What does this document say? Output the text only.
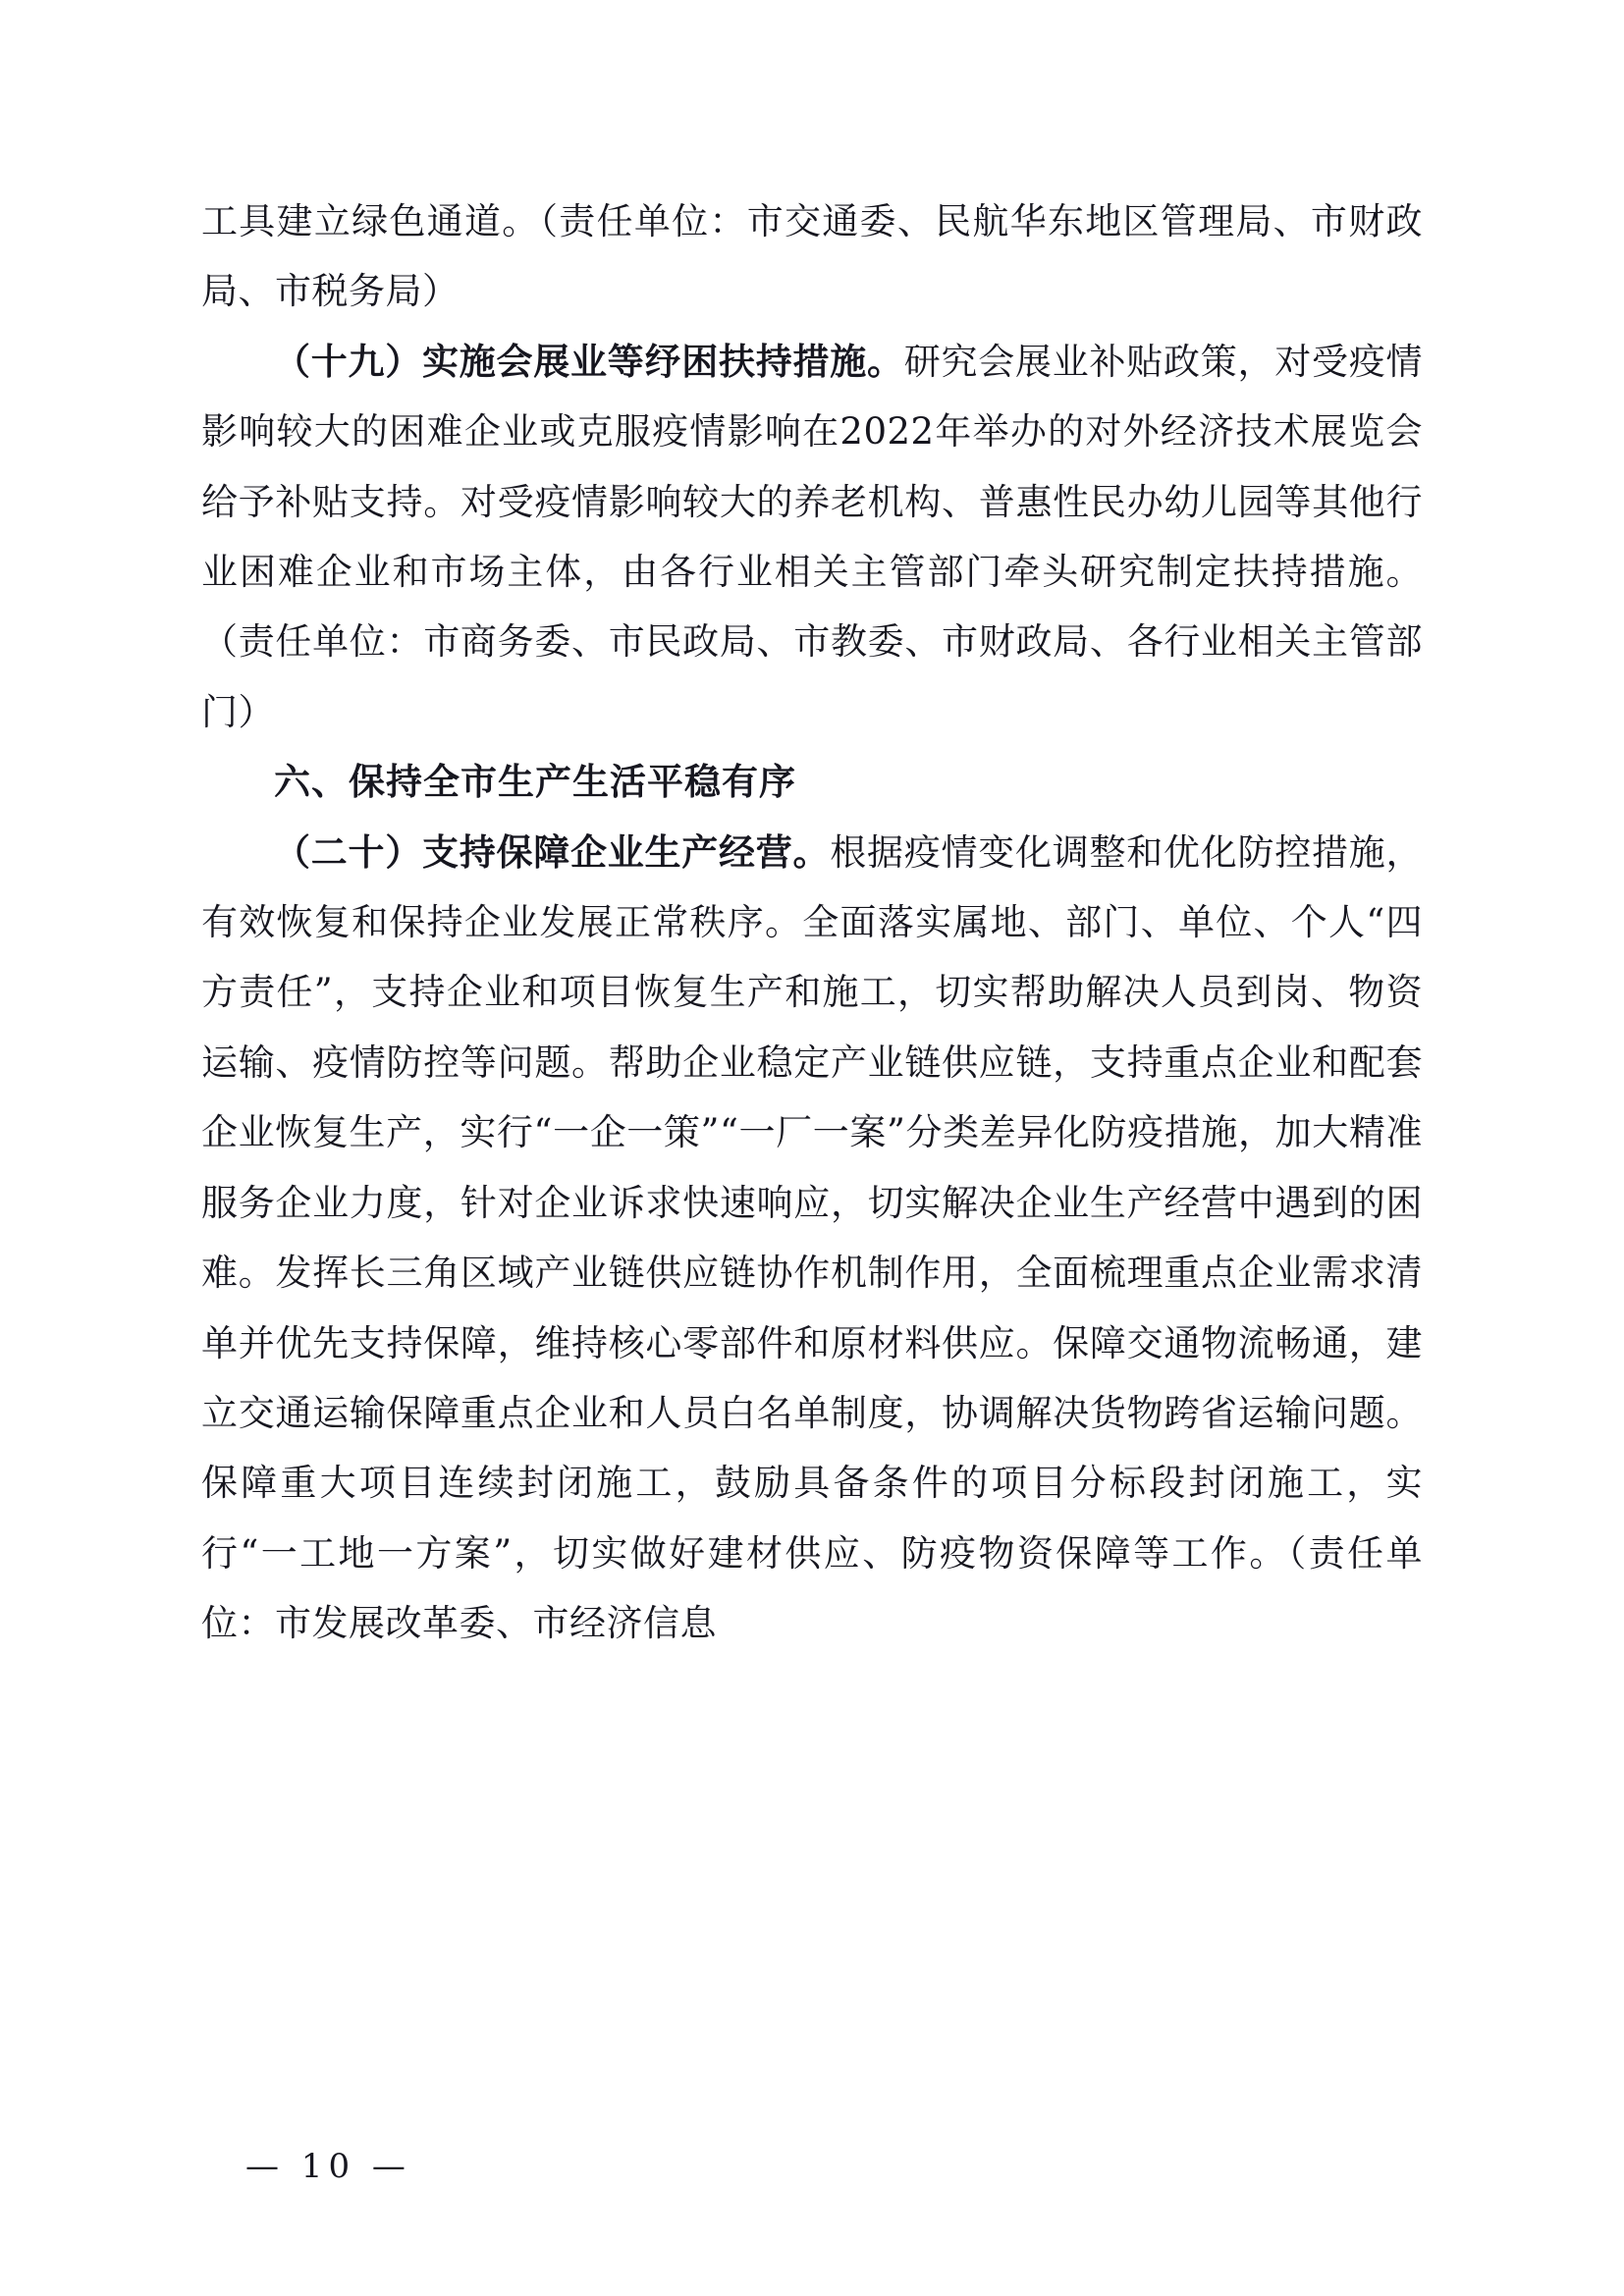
工具建立绿色通道。（责任单位：市交通委、民航华东地区管理局、市财政局、市税务局）

（十九）实施会展业等纾困扶持措施。研究会展业补贴政策，对受疫情影响较大的困难企业或克服疫情影响在2022年举办的对外经济技术展览会给予补贴支持。对受疫情影响较大的养老机构、普惠性民办幼儿园等其他行业困难企业和市场主体，由各行业相关主管部门牵头研究制定扶持措施。（责任单位：市商务委、市民政局、市教委、市财政局、各行业相关主管部门）

六、保持全市生产生活平稳有序

（二十）支持保障企业生产经营。根据疫情变化调整和优化防控措施，有效恢复和保持企业发展正常秩序。全面落实属地、部门、单位、个人“四方责任”，支持企业和项目恢复生产和施工，切实帮助解决人员到岗、物资运输、疫情防控等问题。帮助企业稳定产业链供应链，支持重点企业和配套企业恢复生产，实行“一企一策”“一厂一案”分类差异化防疫措施，加大精准服务企业力度，针对企业诉求快速响应，切实解决企业生产经营中遇到的困难。发挥长三角区域产业链供应链协作机制作用，全面梳理重点企业需求清单并优先支持保障，维持核心零部件和原材料供应。保障交通物流畅通，建立交通运输保障重点企业和人员白名单制度，协调解决货物跨省运输问题。保障重大项目连续封闭施工，鼓励具备条件的项目分标段封闭施工，实行“一工地一方案”，切实做好建材供应、防疫物资保障等工作。（责任单位：市发展改革委、市经济信息

— 10 —
